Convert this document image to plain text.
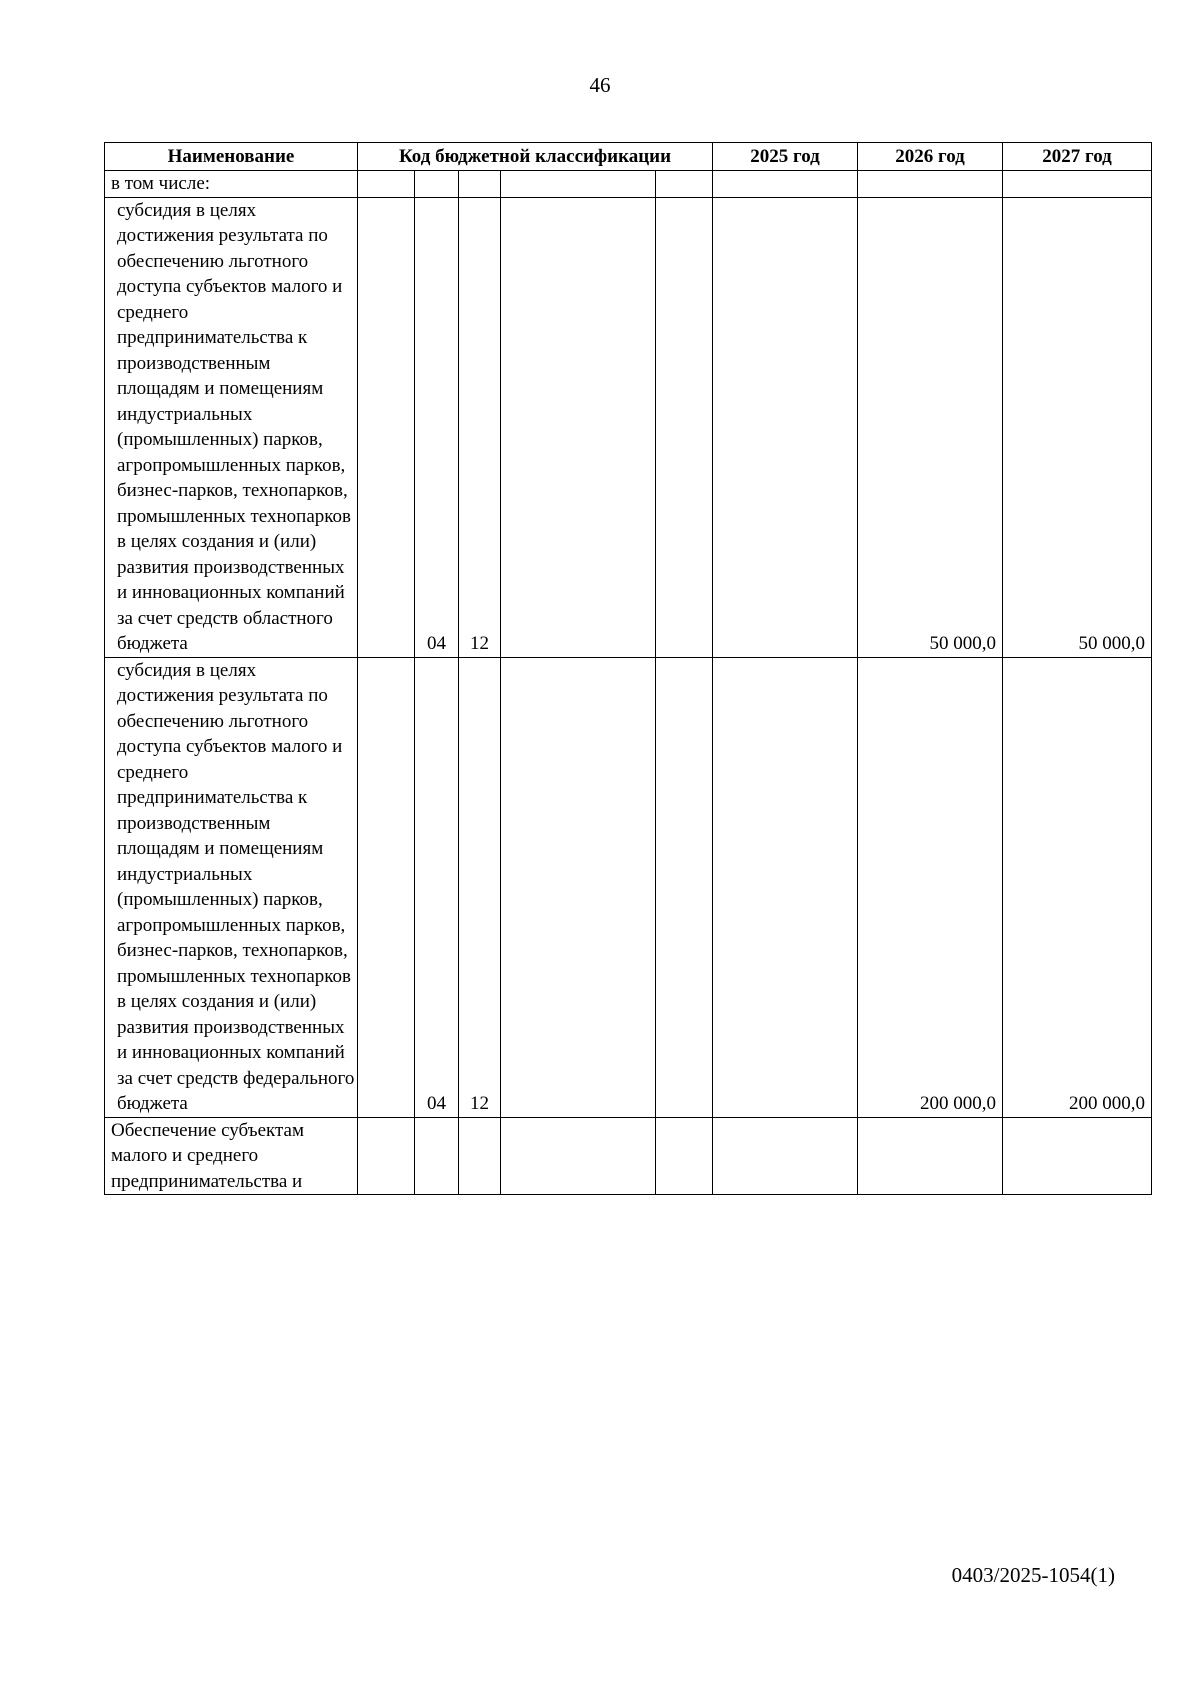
46
Наименование	Код бюджетной классификации					2025 год	2026 год	2027 год
в том числе:								
субсидия в целях достижения результата по обеспечению льготного доступа субъектов малого и среднего предпринимательства к производственным площадям и помещениям индустриальных (промышленных) парков, агропромышленных парков, бизнес-парков, технопарков, промышленных технопарков в целях создания и (или) развития производственных и инновационных компаний за счет средств областного бюджета		04	12				50 000,0	50 000,0
субсидия в целях достижения результата по обеспечению льготного доступа субъектов малого и среднего предпринимательства к производственным площадям и помещениям индустриальных (промышленных) парков, агропромышленных парков, бизнес-парков, технопарков, промышленных технопарков в целях создания и (или) развития производственных и инновационных компаний за счет средств федерального бюджета		04	12				200 000,0	200 000,0
Обеспечение субъектам малого и среднего предпринимательства и								
0403/2025-1054(1)
